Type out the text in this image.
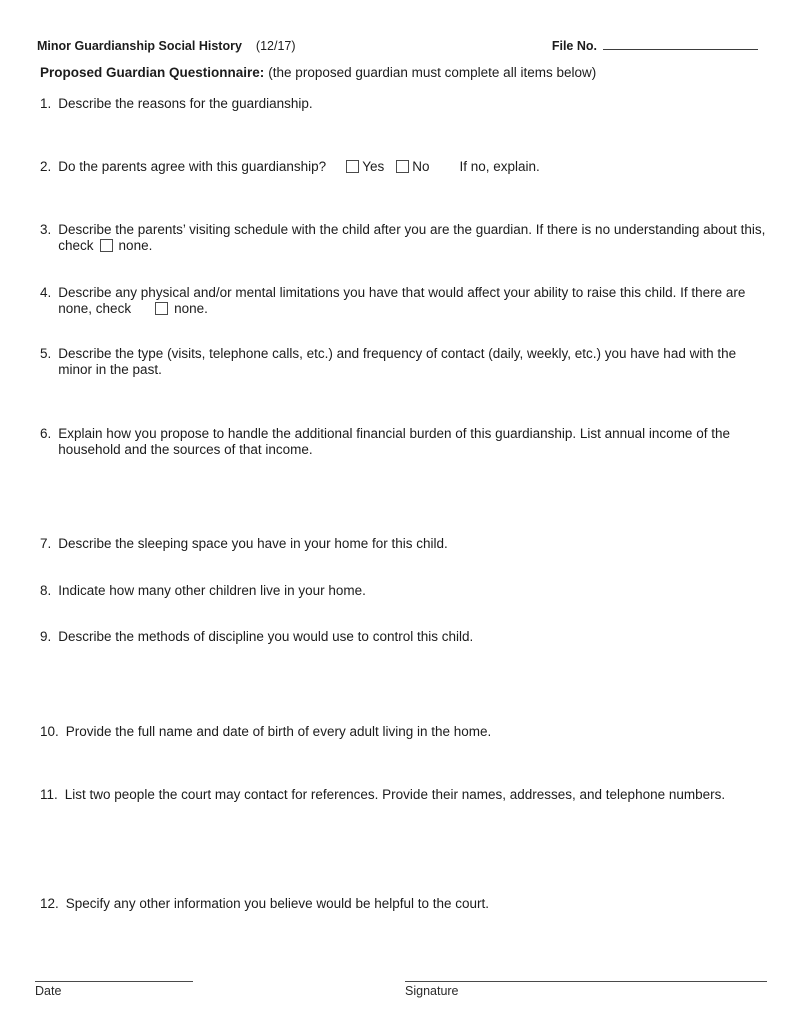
Minor Guardianship Social History (12/17)	File No.
Proposed Guardian Questionnaire: (the proposed guardian must complete all items below)
1. Describe the reasons for the guardianship.
2. Do the parents agree with this guardianship?	Yes No If no, explain.
3. Describe the parents’ visiting schedule with the child after you are the guardian. If there is no understanding about this, check none.
4. Describe any physical and/or mental limitations you have that would affect your ability to raise this child. If there are none, check	none.
5. Describe the type (visits, telephone calls, etc.) and frequency of contact (daily, weekly, etc.) you have had with the minor in the past.
6. Explain how you propose to handle the additional financial burden of this guardianship. List annual income of the household and the sources of that income.
7. Describe the sleeping space you have in your home for this child.
8. Indicate how many other children live in your home.
9. Describe the methods of discipline you would use to control this child.
10. Provide the full name and date of birth of every adult living in the home.
11. List two people the court may contact for references. Provide their names, addresses, and telephone numbers.
12. Specify any other information you believe would be helpful to the court.
Date	Signature
